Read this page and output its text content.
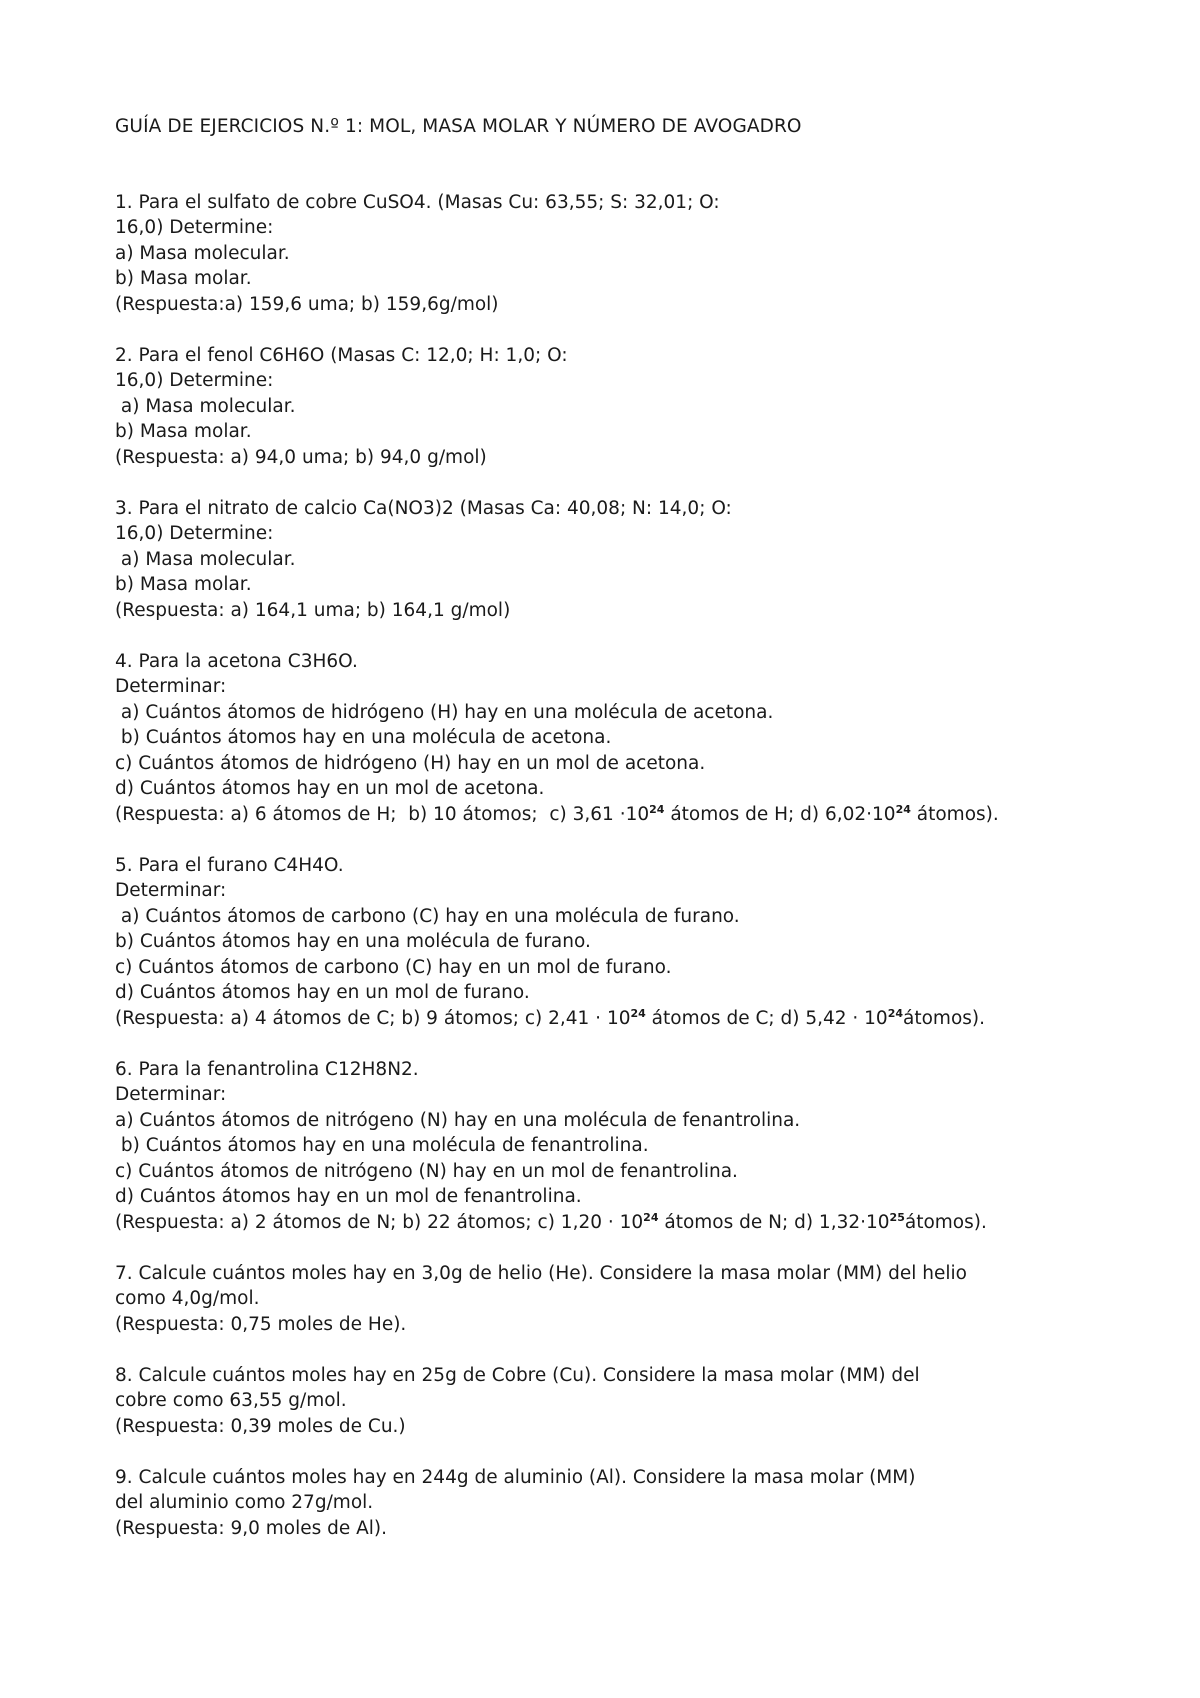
GUÍA DE EJERCICIOS N.º 1: MOL, MASA MOLAR Y NÚMERO DE AVOGADRO
1. Para el sulfato de cobre CuSO4. (Masas Cu: 63,55; S: 32,01; O:
16,0) Determine:
a) Masa molecular.
b) Masa molar.
(Respuesta:a) 159,6 uma; b) 159,6g/mol)
2. Para el fenol C6H6O (Masas C: 12,0; H: 1,0; O:
16,0) Determine:
a) Masa molecular.
b) Masa molar.
(Respuesta: a) 94,0 uma; b) 94,0 g/mol)
3. Para el nitrato de calcio Ca(NO3)2 (Masas Ca: 40,08; N: 14,0; O:
16,0) Determine:
a) Masa molecular.
b) Masa molar.
(Respuesta: a) 164,1 uma; b) 164,1 g/mol)
4. Para la acetona C3H6O.
Determinar:
a) Cuántos átomos de hidrógeno (H) hay en una molécula de acetona.
b) Cuántos átomos hay en una molécula de acetona.
c) Cuántos átomos de hidrógeno (H) hay en un mol de acetona.
d) Cuántos átomos hay en un mol de acetona.
(Respuesta: a) 6 átomos de H;  b) 10 átomos;  c) $3,61 \cdot 10^{24}$ átomos de H; d) $6,02\cdot 10^{24}$ átomos).
5. Para el furano C4H4O.
Determinar:
a) Cuántos átomos de carbono (C) hay en una molécula de furano.
b) Cuántos átomos hay en una molécula de furano.
c) Cuántos átomos de carbono (C) hay en un mol de furano.
d) Cuántos átomos hay en un mol de furano.
(Respuesta: a) 4 átomos de C; b) 9 átomos; c) $2,41 \cdot 10^{24}$ átomos de C; d) $5,42 \cdot 10^{24}átomos$).
6. Para la fenantrolina C12H8N2.
Determinar:
a) Cuántos átomos de nitrógeno (N) hay en una molécula de fenantrolina.
b) Cuántos átomos hay en una molécula de fenantrolina.
c) Cuántos átomos de nitrógeno (N) hay en un mol de fenantrolina.
d) Cuántos átomos hay en un mol de fenantrolina.
(Respuesta: a) 2 átomos de N; b) 22 átomos; c) $1,20 \cdot 10^{24}$ átomos de N; d) $1,32\cdot 10^{25}átomos$).
7. Calcule cuántos moles hay en 3,0g de helio (He). Considere la masa molar (MM) del helio
como 4,0g/mol.
(Respuesta: 0,75 moles de He).
8. Calcule cuántos moles hay en 25g de Cobre (Cu). Considere la masa molar (MM) del
cobre como 63,55 g/mol.
(Respuesta: 0,39 moles de Cu.)
9. Calcule cuántos moles hay en 244g de aluminio (Al). Considere la masa molar (MM)
del aluminio como 27g/mol.
(Respuesta: 9,0 moles de Al).
